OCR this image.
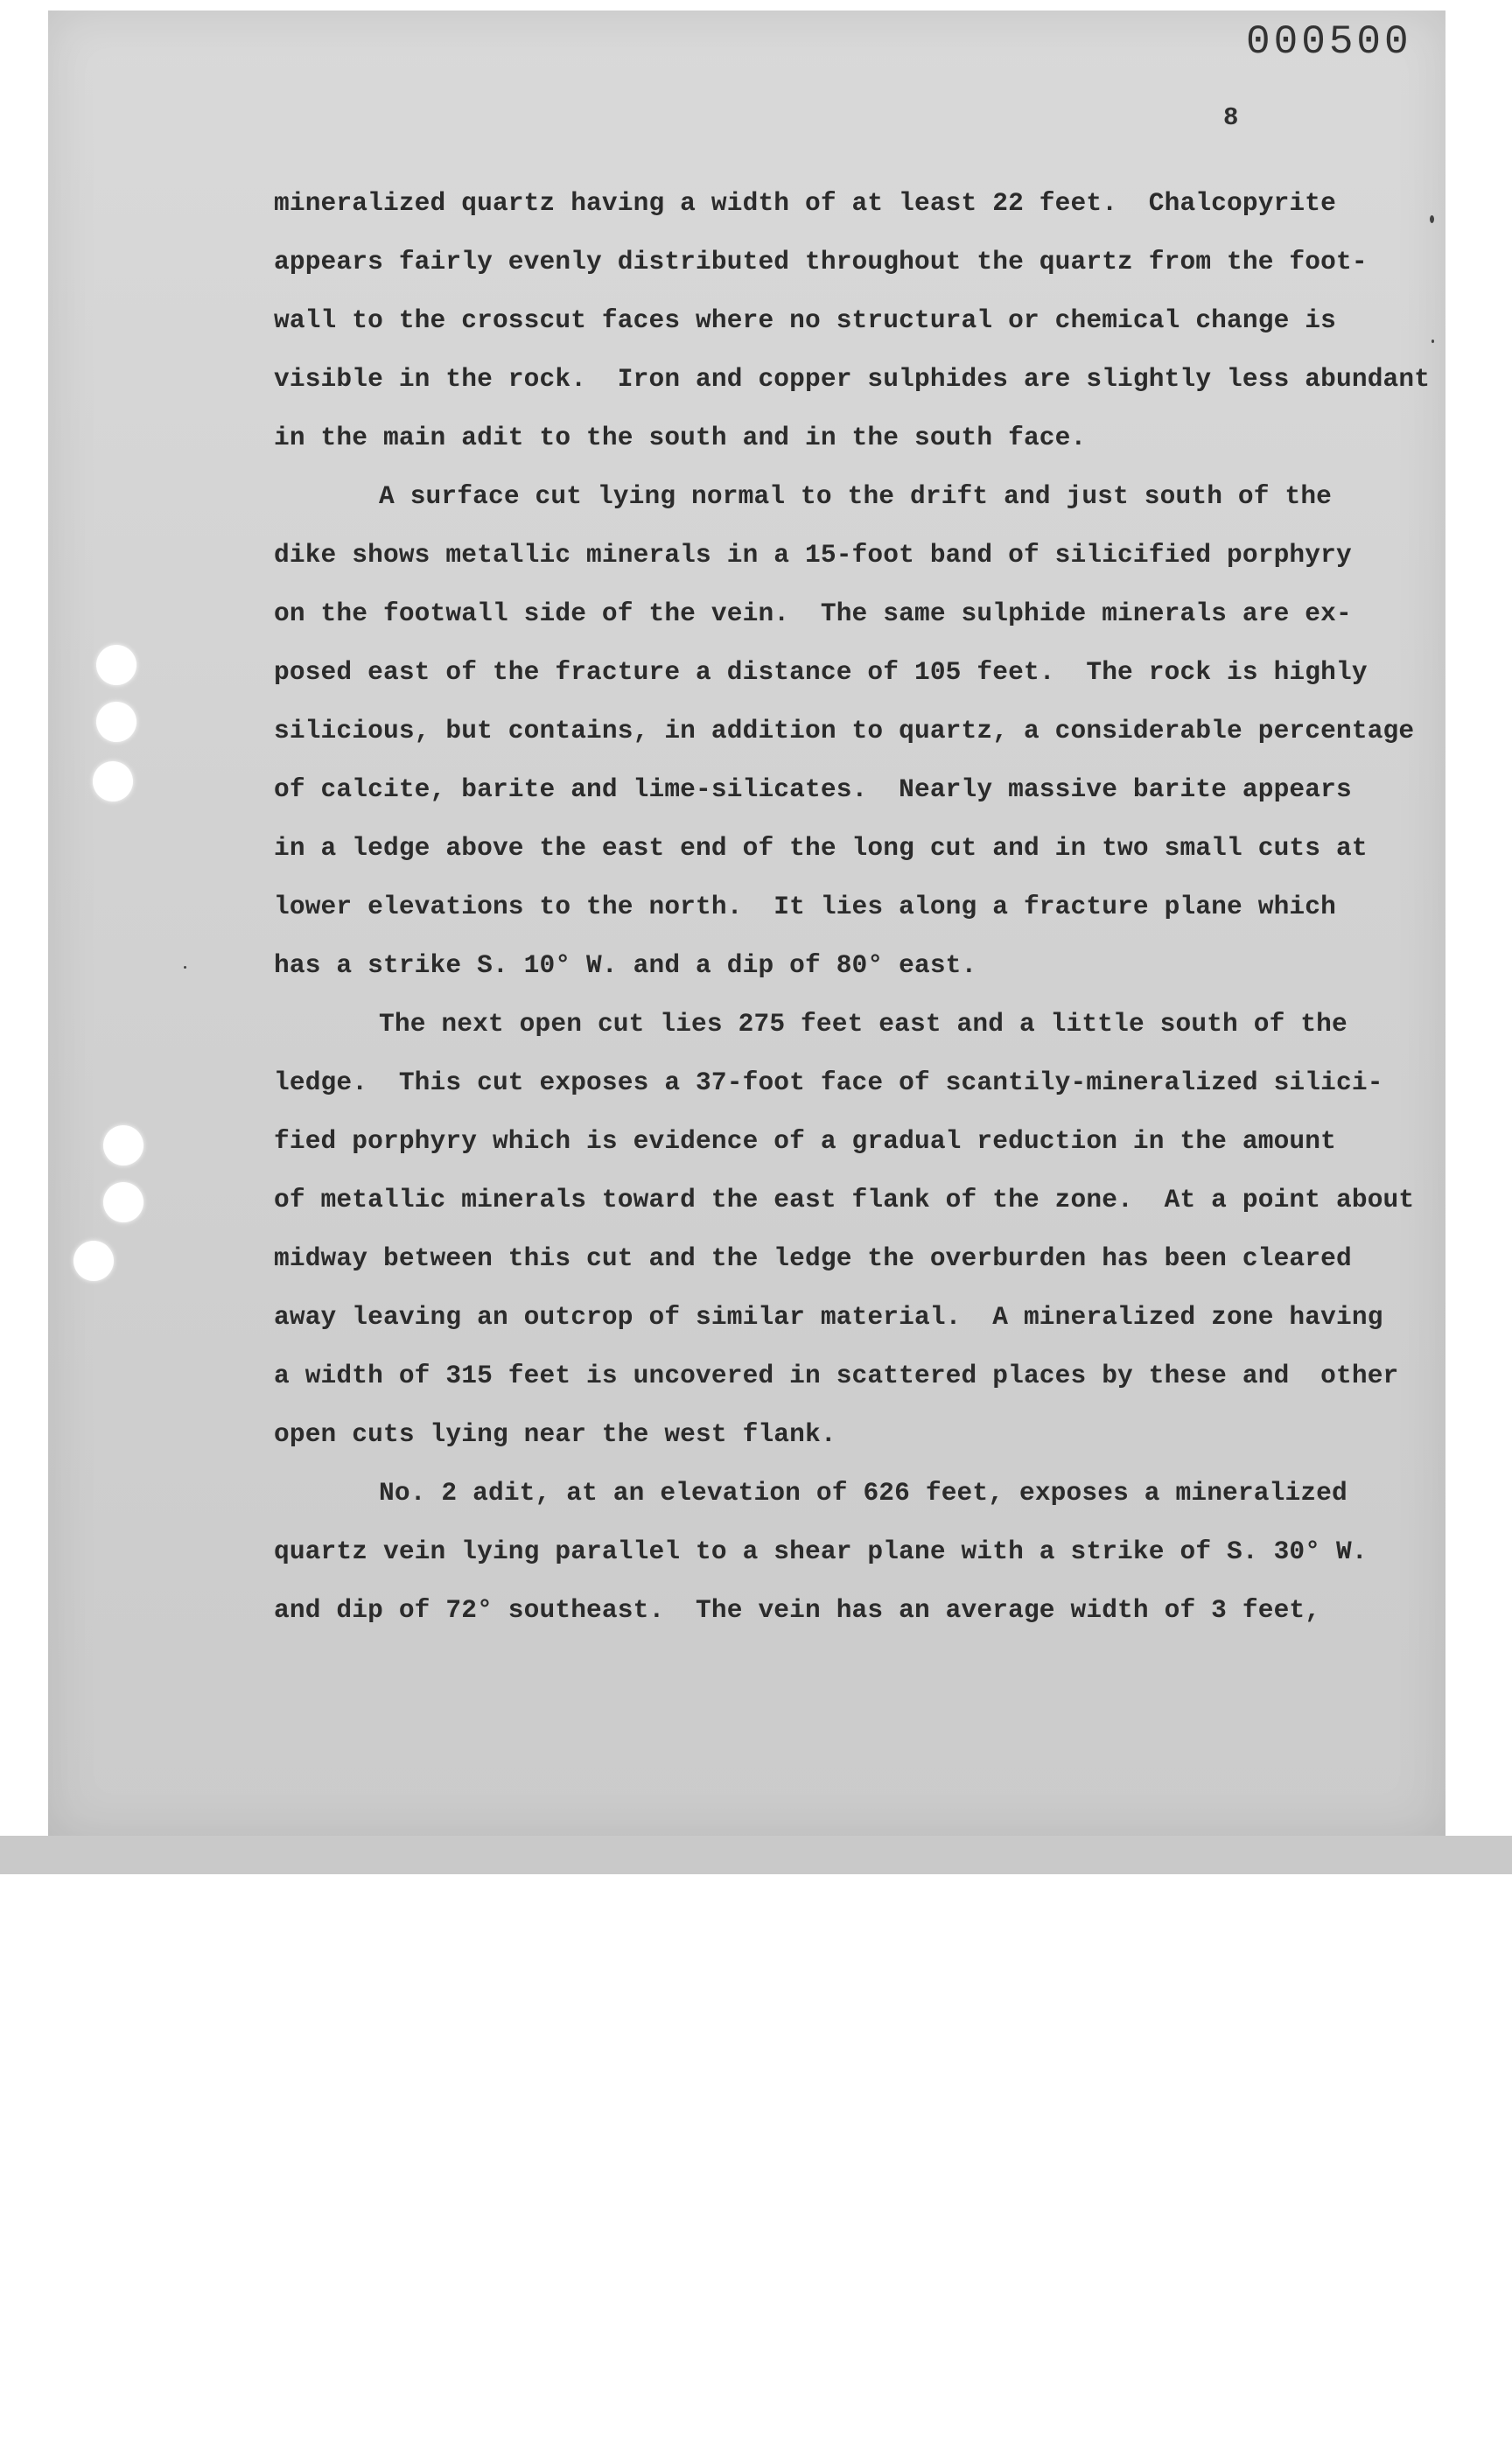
000500
8
mineralized quartz having a width of at least 22 feet.  Chalcopyrite
appears fairly evenly distributed throughout the quartz from the foot-
wall to the crosscut faces where no structural or chemical change is
visible in the rock.  Iron and copper sulphides are slightly less abundant
in the main adit to the south and in the south face.
A surface cut lying normal to the drift and just south of the
dike shows metallic minerals in a 15-foot band of silicified porphyry
on the footwall side of the vein.  The same sulphide minerals are ex-
posed east of the fracture a distance of 105 feet.  The rock is highly
silicious, but contains, in addition to quartz, a considerable percentage
of calcite, barite and lime-silicates.  Nearly massive barite appears
in a ledge above the east end of the long cut and in two small cuts at
lower elevations to the north.  It lies along a fracture plane which
has a strike S. 10° W. and a dip of 80° east.
The next open cut lies 275 feet east and a little south of the
ledge.  This cut exposes a 37-foot face of scantily-mineralized silici-
fied porphyry which is evidence of a gradual reduction in the amount
of metallic minerals toward the east flank of the zone.  At a point about
midway between this cut and the ledge the overburden has been cleared
away leaving an outcrop of similar material.  A mineralized zone having
a width of 315 feet is uncovered in scattered places by these and  other
open cuts lying near the west flank.
No. 2 adit, at an elevation of 626 feet, exposes a mineralized
quartz vein lying parallel to a shear plane with a strike of S. 30° W.
and dip of 72° southeast.  The vein has an average width of 3 feet,
